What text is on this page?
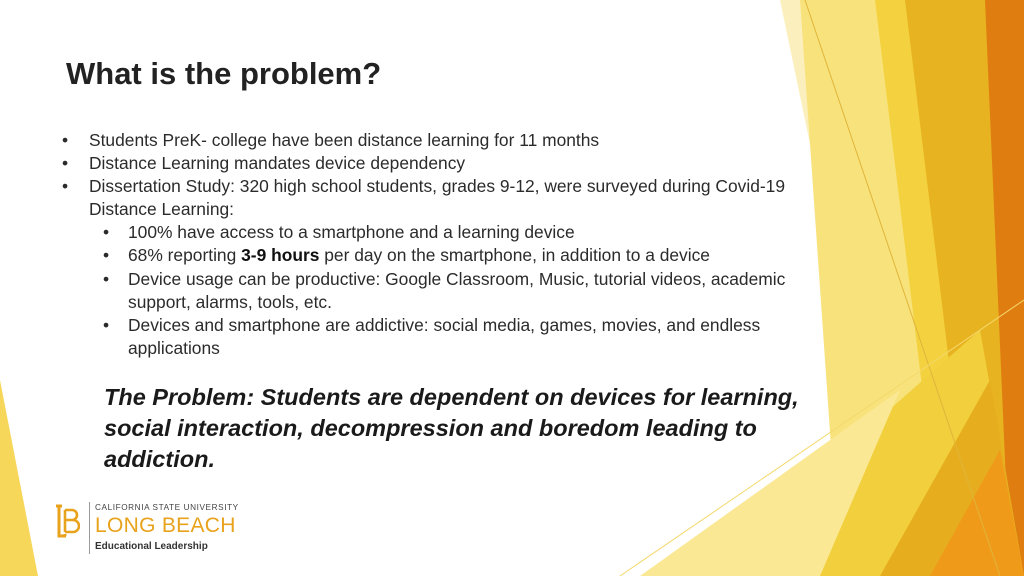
What is the problem?
• Students PreK- college have been distance learning for 11 months
• Distance Learning mandates device dependency
• Dissertation Study: 320 high school students, grades 9-12, were surveyed during Covid-19 Distance Learning:
• 100% have access to a smartphone and a learning device
• 68% reporting 3-9 hours per day on the smartphone, in addition to a device
• Device usage can be productive: Google Classroom, Music, tutorial videos, academic support, alarms, tools, etc.
• Devices and smartphone are addictive: social media, games, movies, and endless applications

The Problem: Students are dependent on devices for learning, social interaction, decompression and boredom leading to addiction.

CALIFORNIA STATE UNIVERSITY
LONG BEACH
Educational Leadership
